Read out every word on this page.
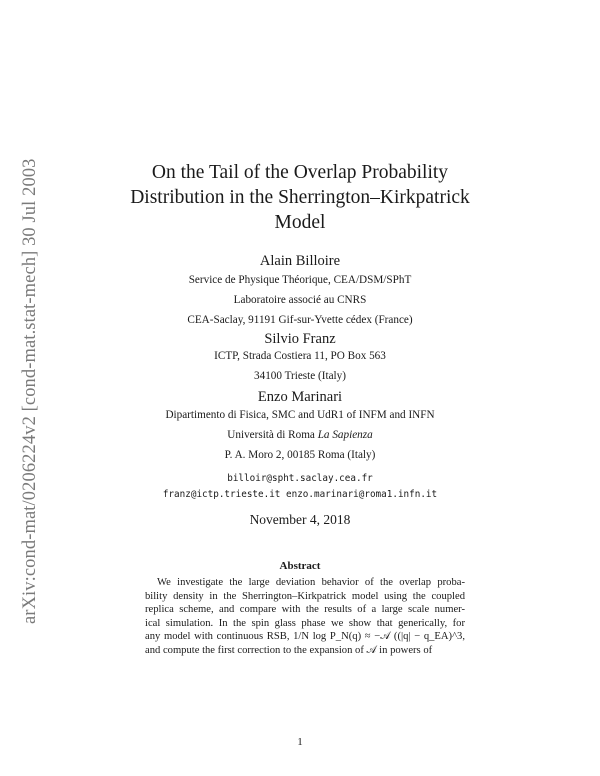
arXiv:cond-mat/0206224v2 [cond-mat.stat-mech] 30 Jul 2003	On the Tail of the Overlap Probability
Distribution in the Sherrington–Kirkpatrick
Model
Alain Billoire
Service de Physique Théorique, CEA/DSM/SPhT
Laboratoire associé au CNRS
CEA-Saclay, 91191 Gif-sur-Yvette cédex (France)
Silvio Franz
ICTP, Strada Costiera 11, PO Box 563
34100 Trieste (Italy)
Enzo Marinari
Dipartimento di Fisica, SMC and UdR1 of INFM and INFN
Università di Roma La Sapienza
P. A. Moro 2, 00185 Roma (Italy)
billoir@spht.saclay.cea.fr
franz@ictp.trieste.it enzo.marinari@roma1.infn.it
November 4, 2018
Abstract
We investigate the large deviation behavior of the overlap proba-
bility density in the Sherrington–Kirkpatrick model using the coupled
replica scheme, and compare with the results of a large scale numer-
ical simulation. In the spin glass phase we show that generically, for
any model with continuous RSB, 1/N log P_N(q) ≈ −𝒜 ((|q| − q_EA)^3,
and compute the first correction to the expansion of 𝒜 in powers of
1
